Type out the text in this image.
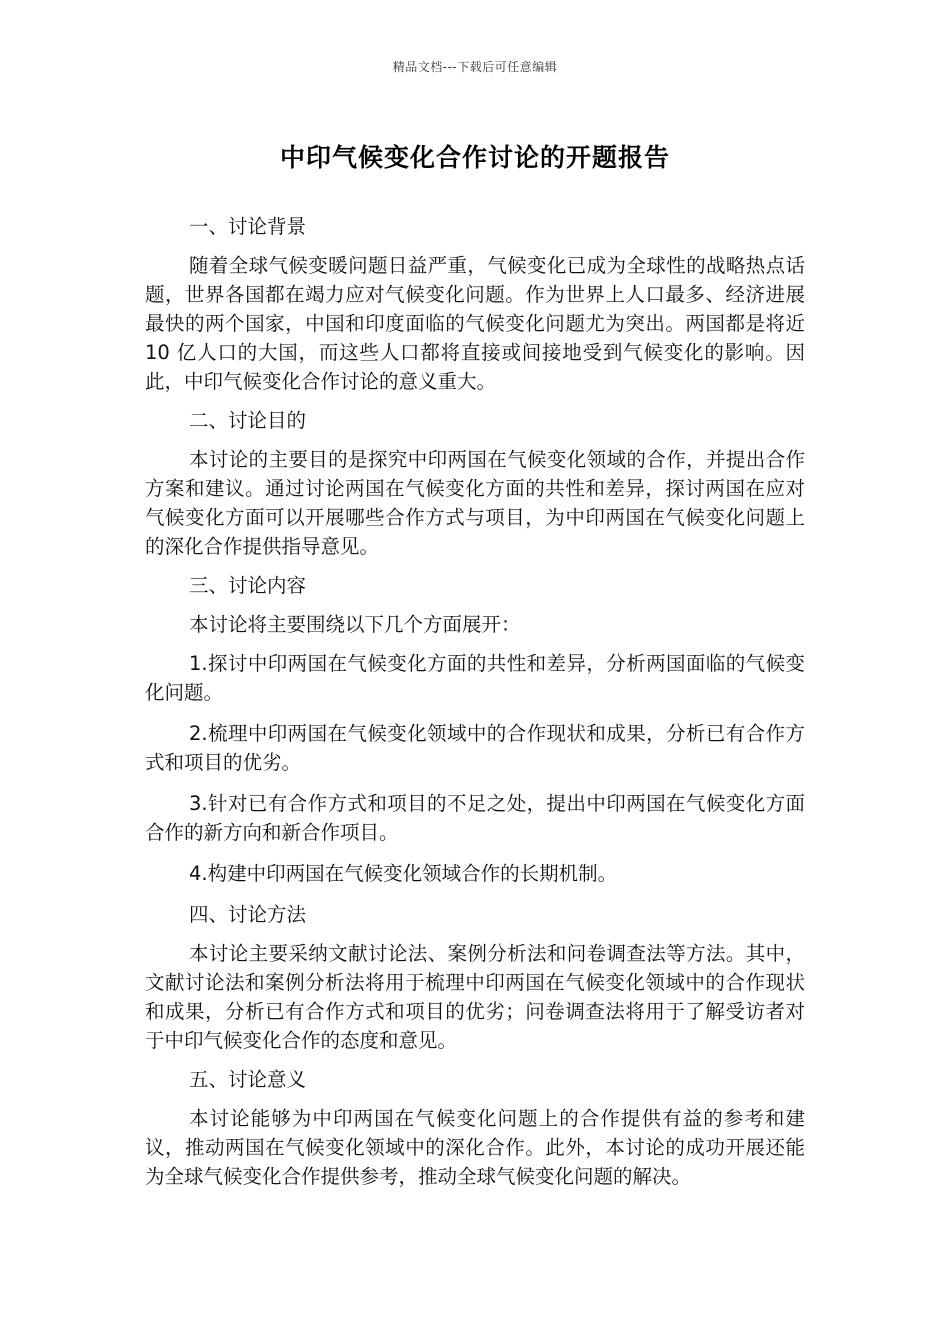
精品文档---下载后可任意编辑
中印气候变化合作讨论的开题报告
一、讨论背景
随着全球气候变暖问题日益严重，气候变化已成为全球性的战略热点话题，世界各国都在竭力应对气候变化问题。作为世界上人口最多、经济进展最快的两个国家，中国和印度面临的气候变化问题尤为突出。两国都是将近 10 亿人口的大国，而这些人口都将直接或间接地受到气候变化的影响。因此，中印气候变化合作讨论的意义重大。
二、讨论目的
本讨论的主要目的是探究中印两国在气候变化领域的合作，并提出合作方案和建议。通过讨论两国在气候变化方面的共性和差异，探讨两国在应对气候变化方面可以开展哪些合作方式与项目，为中印两国在气候变化问题上的深化合作提供指导意见。
三、讨论内容
本讨论将主要围绕以下几个方面展开：
1.探讨中印两国在气候变化方面的共性和差异，分析两国面临的气候变化问题。
2.梳理中印两国在气候变化领域中的合作现状和成果，分析已有合作方式和项目的优劣。
3.针对已有合作方式和项目的不足之处，提出中印两国在气候变化方面合作的新方向和新合作项目。
4.构建中印两国在气候变化领域合作的长期机制。
四、讨论方法
本讨论主要采纳文献讨论法、案例分析法和问卷调查法等方法。其中，文献讨论法和案例分析法将用于梳理中印两国在气候变化领域中的合作现状和成果，分析已有合作方式和项目的优劣；问卷调查法将用于了解受访者对于中印气候变化合作的态度和意见。
五、讨论意义
本讨论能够为中印两国在气候变化问题上的合作提供有益的参考和建议，推动两国在气候变化领域中的深化合作。此外，本讨论的成功开展还能为全球气候变化合作提供参考，推动全球气候变化问题的解决。
